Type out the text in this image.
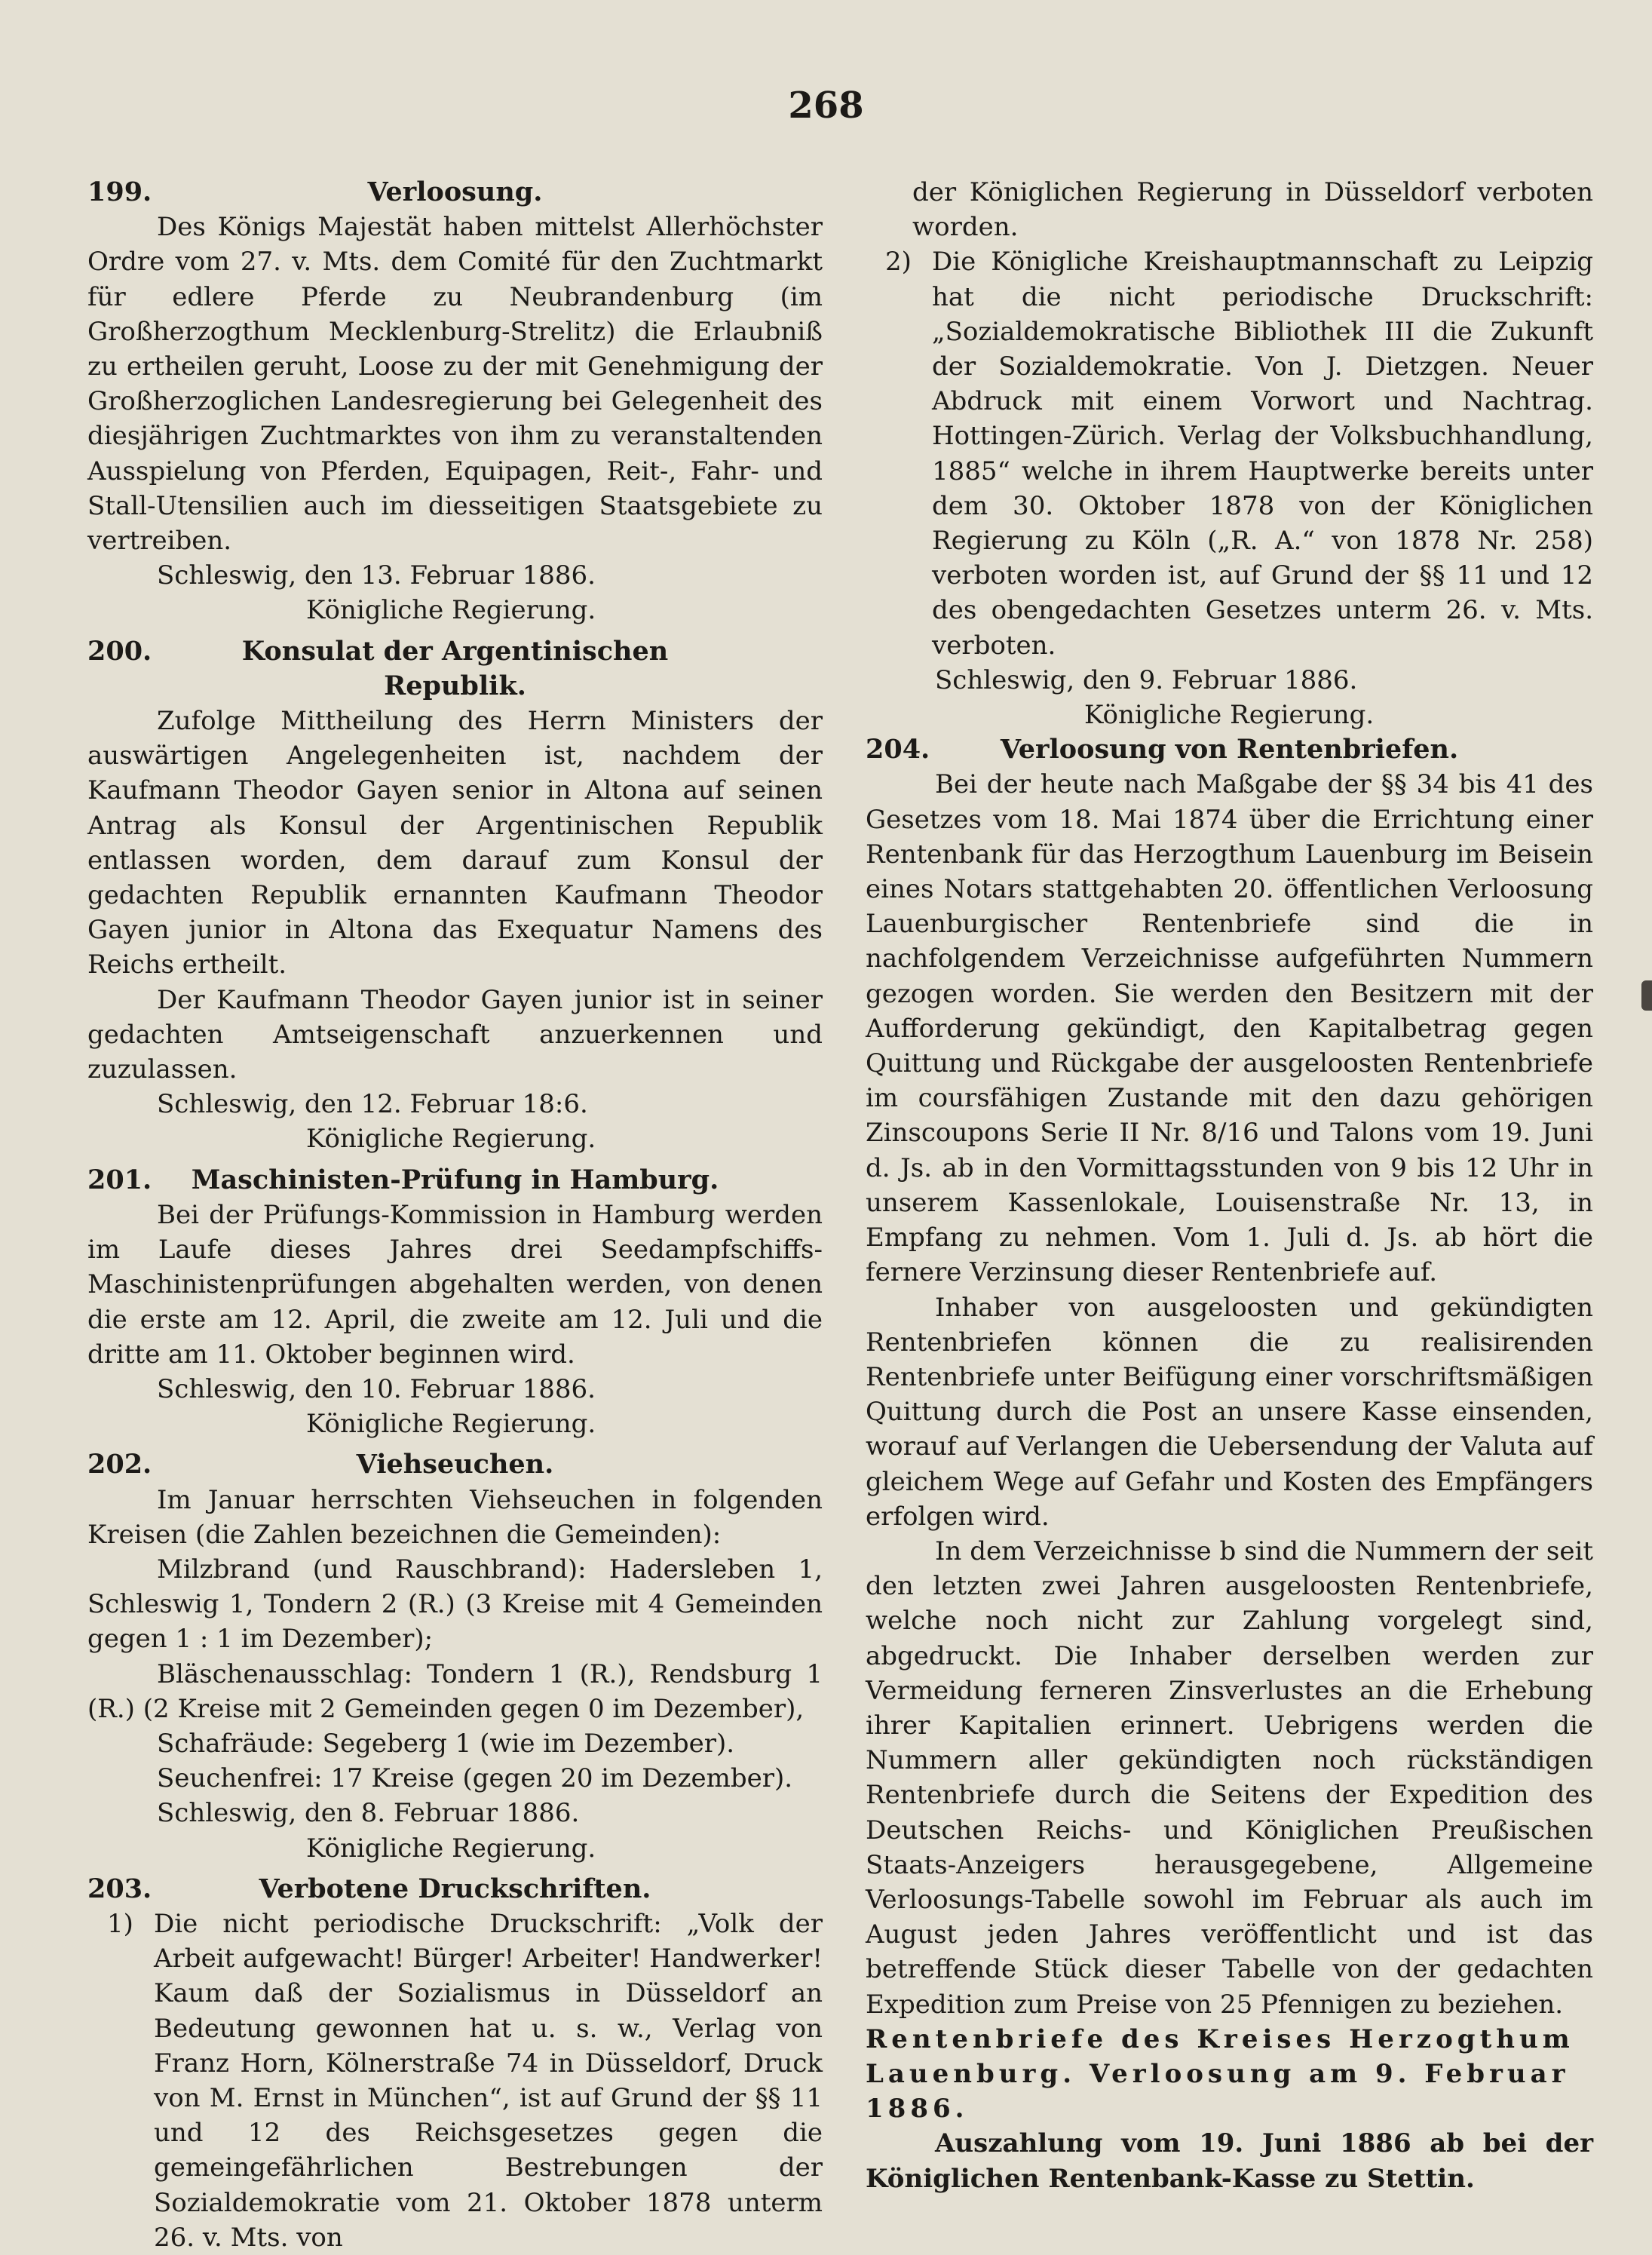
268
199.	Verloosung.

Des Königs Majestät haben mittelst Allerhöchster Ordre vom 27. v. Mts. dem Comité für den Zuchtmarkt für edlere Pferde zu Neubrandenburg (im Großherzogthum Mecklenburg-Strelitz) die Erlaubniß zu ertheilen geruht, Loose zu der mit Genehmigung der Großherzoglichen Landesregierung bei Gelegenheit des diesjährigen Zuchtmarktes von ihm zu veranstaltenden Ausspielung von Pferden, Equipagen, Reit-, Fahr- und Stall-Utensilien auch im diesseitigen Staatsgebiete zu vertreiben.

Schleswig, den 13. Februar 1886.

Königliche Regierung.

200.	Konsulat der Argentinischen Republik.

Zufolge Mittheilung des Herrn Ministers der auswärtigen Angelegenheiten ist, nachdem der Kaufmann Theodor Gayen senior in Altona auf seinen Antrag als Konsul der Argentinischen Republik entlassen worden, dem darauf zum Konsul der gedachten Republik ernannten Kaufmann Theodor Gayen junior in Altona das Exequatur Namens des Reichs ertheilt.

Der Kaufmann Theodor Gayen junior ist in seiner gedachten Amtseigenschaft anzuerkennen und zuzulassen.

Schleswig, den 12. Februar 18:6.

Königliche Regierung.

201.	Maschinisten-Prüfung in Hamburg.

Bei der Prüfungs-Kommission in Hamburg werden im Laufe dieses Jahres drei Seedampfschiffs-Maschinistenprüfungen abgehalten werden, von denen die erste am 12. April, die zweite am 12. Juli und die dritte am 11. Oktober beginnen wird.

Schleswig, den 10. Februar 1886.

Königliche Regierung.

202.	Viehseuchen.

Im Januar herrschten Viehseuchen in folgenden Kreisen (die Zahlen bezeichnen die Gemeinden):

Milzbrand (und Rauschbrand): Hadersleben 1, Schleswig 1, Tondern 2 (R.) (3 Kreise mit 4 Gemeinden gegen 1 : 1 im Dezember);

Bläschenausschlag: Tondern 1 (R.), Rendsburg 1 (R.) (2 Kreise mit 2 Gemeinden gegen 0 im Dezember),

Schafräude: Segeberg 1 (wie im Dezember).

Seuchenfrei: 17 Kreise (gegen 20 im Dezember).

Schleswig, den 8. Februar 1886.

Königliche Regierung.

203.	Verbotene Druckschriften.
1) Die nicht periodische Druckschrift: „Volk der Arbeit aufgewacht! Bürger! Arbeiter! Handwerker! Kaum daß der Sozialismus in Düsseldorf an Bedeutung gewonnen hat u. s. w., Verlag von Franz Horn, Kölnerstraße 74 in Düsseldorf, Druck von M. Ernst in München“, ist auf Grund der §§ 11 und 12 des Reichsgesetzes gegen die gemeingefährlichen Bestrebungen der Sozialdemokratie vom 21. Oktober 1878 unterm 26. v. Mts. von

der Königlichen Regierung in Düsseldorf verboten worden.

2) Die Königliche Kreishauptmannschaft zu Leipzig hat die nicht periodische Druckschrift: „Sozialdemokratische Bibliothek III die Zukunft der Sozialdemokratie. Von J. Dietzgen. Neuer Abdruck mit einem Vorwort und Nachtrag. Hottingen-Zürich. Verlag der Volksbuchhandlung, 1885“ welche in ihrem Hauptwerke bereits unter dem 30. Oktober 1878 von der Königlichen Regierung zu Köln („R. A.“ von 1878 Nr. 258) verboten worden ist, auf Grund der §§ 11 und 12 des obengedachten Gesetzes unterm 26. v. Mts. verboten.

Schleswig, den 9. Februar 1886.

Königliche Regierung.

204.	Verloosung von Rentenbriefen.

Bei der heute nach Maßgabe der §§ 34 bis 41 des Gesetzes vom 18. Mai 1874 über die Errichtung einer Rentenbank für das Herzogthum Lauenburg im Beisein eines Notars stattgehabten 20. öffentlichen Verloosung Lauenburgischer Rentenbriefe sind die in nachfolgendem Verzeichnisse aufgeführten Nummern gezogen worden. Sie werden den Besitzern mit der Aufforderung gekündigt, den Kapitalbetrag gegen Quittung und Rückgabe der ausgeloosten Rentenbriefe im coursfähigen Zustande mit den dazu gehörigen Zinscoupons Serie II Nr. 8/16 und Talons vom 19. Juni d. Js. ab in den Vormittagsstunden von 9 bis 12 Uhr in unserem Kassenlokale, Louisenstraße Nr. 13, in Empfang zu nehmen. Vom 1. Juli d. Js. ab hört die fernere Verzinsung dieser Rentenbriefe auf.

Inhaber von ausgeloosten und gekündigten Rentenbriefen können die zu realisirenden Rentenbriefe unter Beifügung einer vorschriftsmäßigen Quittung durch die Post an unsere Kasse einsenden, worauf auf Verlangen die Uebersendung der Valuta auf gleichem Wege auf Gefahr und Kosten des Empfängers erfolgen wird.

In dem Verzeichnisse b sind die Nummern der seit den letzten zwei Jahren ausgeloosten Rentenbriefe, welche noch nicht zur Zahlung vorgelegt sind, abgedruckt. Die Inhaber derselben werden zur Vermeidung ferneren Zinsverlustes an die Erhebung ihrer Kapitalien erinnert. Uebrigens werden die Nummern aller gekündigten noch rückständigen Rentenbriefe durch die Seitens der Expedition des Deutschen Reichs- und Königlichen Preußischen Staats-Anzeigers herausgegebene, Allgemeine Verloosungs-Tabelle sowohl im Februar als auch im August jeden Jahres veröffentlicht und ist das betreffende Stück dieser Tabelle von der gedachten Expedition zum Preise von 25 Pfennigen zu beziehen.

Rentenbriefe des Kreises Herzogthum Lauenburg. Verloosung am 9. Februar 1886.

Auszahlung vom 19. Juni 1886 ab bei der Königlichen Rentenbank-Kasse zu Stettin.
